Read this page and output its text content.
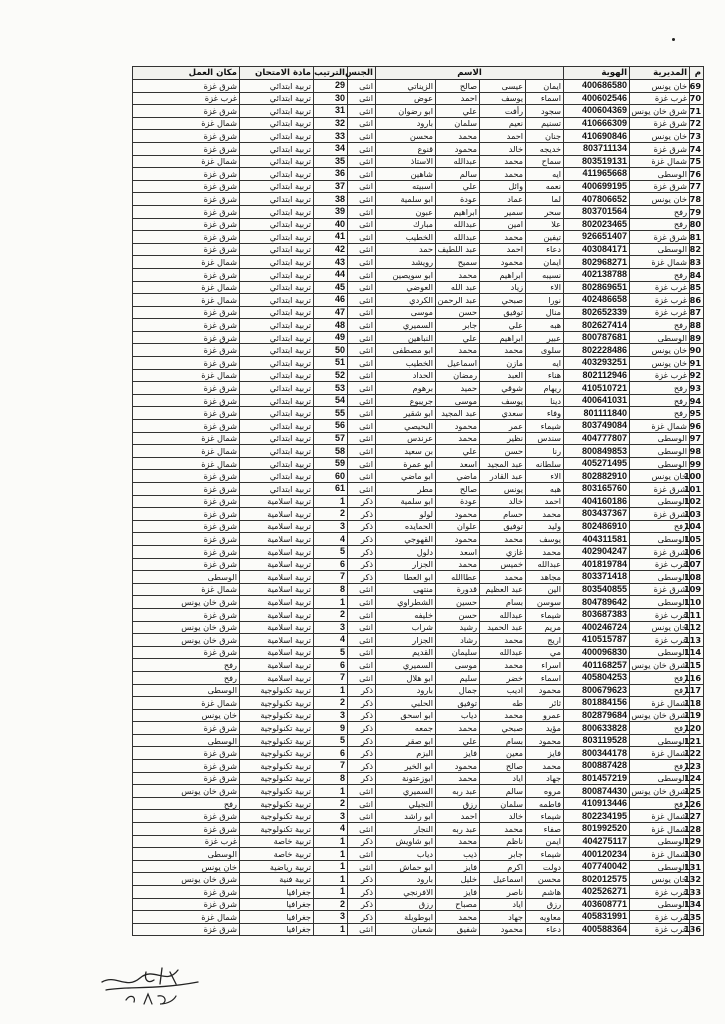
م	المديرية	الهوية	الاسم				الجنس	الترتيب	مادة الامتحان	مكان العمل
69	خان يونس	400686580	ايمان	عيسى	صالح	الزيناتي	انثى	29	تربية ابتدائي	شرق غزة
70	غرب غزة	400602546	اسماء	يوسف	احمد	عوض	انثى	30	تربية ابتدائي	غرب غزة
71	شرق خان يونس	400604369	سجود	رأفت	علي	ابو رضوان	انثى	31	تربية ابتدائي	شرق غزة
72	شرق غزة	410666309	تسنيم	نعيم	سلمان	بارود	انثى	32	تربية ابتدائي	شمال غزة
73	خان يونس	410690846	جنان	احمد	محمد	محسن	انثى	33	تربية ابتدائي	شرق غزة
74	شرق غزة	803711134	خديجه	خالد	محمود	قنوع	انثى	34	تربية ابتدائي	شرق غزة
75	شمال غزة	803519131	سماح	محمد	عبدالله	الاستاذ	انثى	35	تربية ابتدائي	شمال غزة
76	الوسطى	411965668	ايه	محمد	سالم	شاهين	انثى	36	تربية ابتدائي	شرق غزة
77	شرق غزة	400699195	نعمه	وائل	علي	اسبيته	انثى	37	تربية ابتدائي	شرق غزة
78	خان يونس	407806652	لما	عماد	عودة	ابو سلمية	انثى	38	تربية ابتدائي	شرق غزة
79	رفح	803701564	سحر	سمير	ابراهيم	عبون	انثى	39	تربية ابتدائي	شرق غزة
80	رفح	802023465	علا	امين	عبدالله	مبارك	انثى	40	تربية ابتدائي	شرق غزة
81	شرق غزة	926651407	تيفين	محمد	عبدالله	الخطيب	انثى	41	تربية ابتدائي	شرق غزة
82	الوسطى	403084171	دعاء	احمد	عبد اللطيف	حمد	انثى	42	تربية ابتدائي	شرق غزة
83	شمال غزة	802968271	ايمان	محمود	سميح	رويشد	انثى	43	تربية ابتدائي	شمال غزة
84	رفح	402138788	نسيبه	ابراهيم	محمد	ابو سويصين	انثى	44	تربية ابتدائي	شرق غزة
85	غرب غزة	802869651	الاء	زياد	عبد الله	العوضي	انثى	45	تربية ابتدائي	شمال غزة
86	غرب غزة	402486658	نورا	صبحي	عبد الرحمن	الكردي	انثى	46	تربية ابتدائي	شمال غزة
87	غرب غزة	802652339	منال	توفيق	حسن	موسى	انثى	47	تربية ابتدائي	شرق غزة
88	رفح	802627414	هبه	علي	جابر	السميري	انثى	48	تربية ابتدائي	شرق غزة
89	الوسطى	800787681	عبير	ابراهيم	علي	النباهين	انثى	49	تربية ابتدائي	شرق غزة
90	خان يونس	802228486	سلوى	محمد	محمد	ابو مصطفى	انثى	50	تربية ابتدائي	شرق غزة
91	خان يونس	403293251	ايه	مازن	اسماعيل	الخطيب	انثى	51	تربية ابتدائي	شرق غزة
92	غرب غزة	802112946	هناء	العبد	رمضان	الحداد	انثى	52	تربية ابتدائي	شمال غزة
93	رفح	410510721	ريهام	شوقي	حميد	برهوم	انثى	53	تربية ابتدائي	شرق غزة
94	رفح	400641031	دينا	يوسف	موسى	جريبوع	انثى	54	تربية ابتدائي	شرق غزة
95	رفح	801111840	وفاء	سعدي	عبد المجيد	ابو شقير	انثى	55	تربية ابتدائي	شرق غزة
96	شمال غزة	803749084	شيماء	عمر	محمود	البحيصي	انثى	56	تربية ابتدائي	شرق غزة
97	الوسطى	404777807	سندس	نظير	محمد	عرندس	انثى	57	تربية ابتدائي	شمال غزة
98	الوسطى	800849853	رنا	حسن	علي	بن سعيد	انثى	58	تربية ابتدائي	شمال غزة
99	الوسطى	405271495	سلطانه	عبد المجيد	اسعد	ابو عمرة	انثى	59	تربية ابتدائي	شمال غزة
100	خان يونس	802882910	الاء	عبد القادر	ماضي	ابو ماضي	انثى	60	تربية ابتدائي	شرق غزة
101	شرق غزة	803165760	هبه	يونس	صالح	مطر	انثى	61	تربية ابتدائي	شرق غزة
102	الوسطى	404160186	احمد	خالد	عودة	ابو سلمية	ذكر	1	تربية اسلامية	شرق غزة
103	شرق غزة	803437367	محمد	حسام	محمود	لولو	ذكر	2	تربية اسلامية	شرق غزة
104	رفح	802486910	وليد	توفيق	علوان	الحمايده	ذكر	3	تربية اسلامية	شرق غزة
105	الوسطى	404311581	يوسف	محمد	محمود	القهوجي	ذكر	4	تربية اسلامية	شرق غزة
106	شرق غزة	402904247	محمد	غازي	اسعد	دلول	ذكر	5	تربية اسلامية	شرق غزة
107	غرب غزة	401819784	عبدالله	خميس	محمد	الجزار	ذكر	6	تربية اسلامية	شرق غزة
108	الوسطى	803371418	مجاهد	محمد	عطاالله	ابو العطا	ذكر	7	تربية اسلامية	الوسطى
109	شرق غزة	803540855	الين	عبد العظيم	قدورة	منتهى	انثى	8	تربية اسلامية	شمال غزة
110	الوسطى	804789642	سوسن	بسام	حسين	الشطراوي	انثى	1	تربية اسلامية	شرق خان يونس
111	غرب غزة	803687383	شيماء	عبدالله	حسن	خليفه	انثى	2	تربية اسلامية	شرق غزة
112	خان يونس	400246724	مريم	عبد الحميد	رشيد	شراب	انثى	3	تربية اسلامية	شرق خان يونس
113	غرب غزة	410515787	اريج	محمد	رشاد	الجزار	انثى	4	تربية اسلامية	شرق خان يونس
114	الوسطى	400096830	مي	عبدالله	سليمان	القديم	انثى	5	تربية اسلامية	شرق غزة
115	شرق خان يونس	401168257	اسراء	محمد	موسى	السميري	انثى	6	تربية اسلامية	رفح
116	رفح	405804253	اسماء	خضر	سليم	ابو هلال	انثى	7	تربية اسلامية	رفح
117	رفح	800679623	محمود	اديب	جمال	بارود	ذكر	1	تربية تكنولوجية	الوسطى
118	شمال غزة	801884156	ثائر	طه	توفيق	الحلبي	ذكر	2	تربية تكنولوجية	شمال غزة
119	شرق خان يونس	802879684	عمرو	محمد	دياب	ابو اسحق	ذكر	3	تربية تكنولوجية	خان يونس
120	رفح	800633828	مؤيد	صبحي	محمد	جمعه	ذكر	9	تربية تكنولوجية	شرق غزة
121	الوسطى	803119528	محمود	بسام	علي	ابو صقر	ذكر	5	تربية تكنولوجية	الوسطى
122	شمال غزة	800344178	فايز	معين	فايز	البزم	ذكر	6	تربية تكنولوجية	شرق غزة
123	رفح	800887428	محمد	صالح	محمود	ابو الخير	ذكر	7	تربية تكنولوجية	شرق غزة
124	الوسطى	801457219	جهاد	اياد	محمد	ابوزعتونة	ذكر	8	تربية تكنولوجية	شرق غزة
125	شرق خان يونس	800874430	مروه	سالم	عبد ربه	السميري	انثى	1	تربية تكنولوجية	شرق خان يونس
126	رفح	410913446	فاطمه	سلمان	رزق	النجيلي	انثى	2	تربية تكنولوجية	رفح
127	شمال غزة	802234195	شيماء	خالد	احمد	ابو راشد	انثى	3	تربية تكنولوجية	شرق غزة
128	شمال غزة	801992520	صفاء	محمد	عبد ربه	النجار	انثى	4	تربية تكنولوجية	شرق غزة
129	الوسطى	404275117	ايمن	ناظم	محمد	ابو شاويش	ذكر	1	تربية خاصة	غرب غزة
130	شمال غزة	400120234	شيماء	جابر	ذيب	دياب	انثى	1	تربية خاصة	الوسطى
131	الوسطى	407740042	دولت	اكرم	فايز	ابو حماش	انثى	1	تربية رياضية	خان يونس
132	خان يونس	802012575	محسن	اسماعيل	خليل	بارود	ذكر	1	تربية فنية	شرق خان يونس
133	غرب غزة	402526271	هاشم	ناصر	فايز	الافرنجي	ذكر	1	جغرافيا	شرق غزة
134	الوسطى	403608771	رزق	اياد	مصباح	رزق	ذكر	2	جغرافيا	شرق غزة
135	غرب غزة	405831991	معاويه	جهاد	محمد	ابوطويلة	ذكر	3	جغرافيا	شمال غزة
136	غرب غزة	400588364	دعاء	محمود	شفيق	شعبان	انثى	1	جغرافيا	شرق غزة
